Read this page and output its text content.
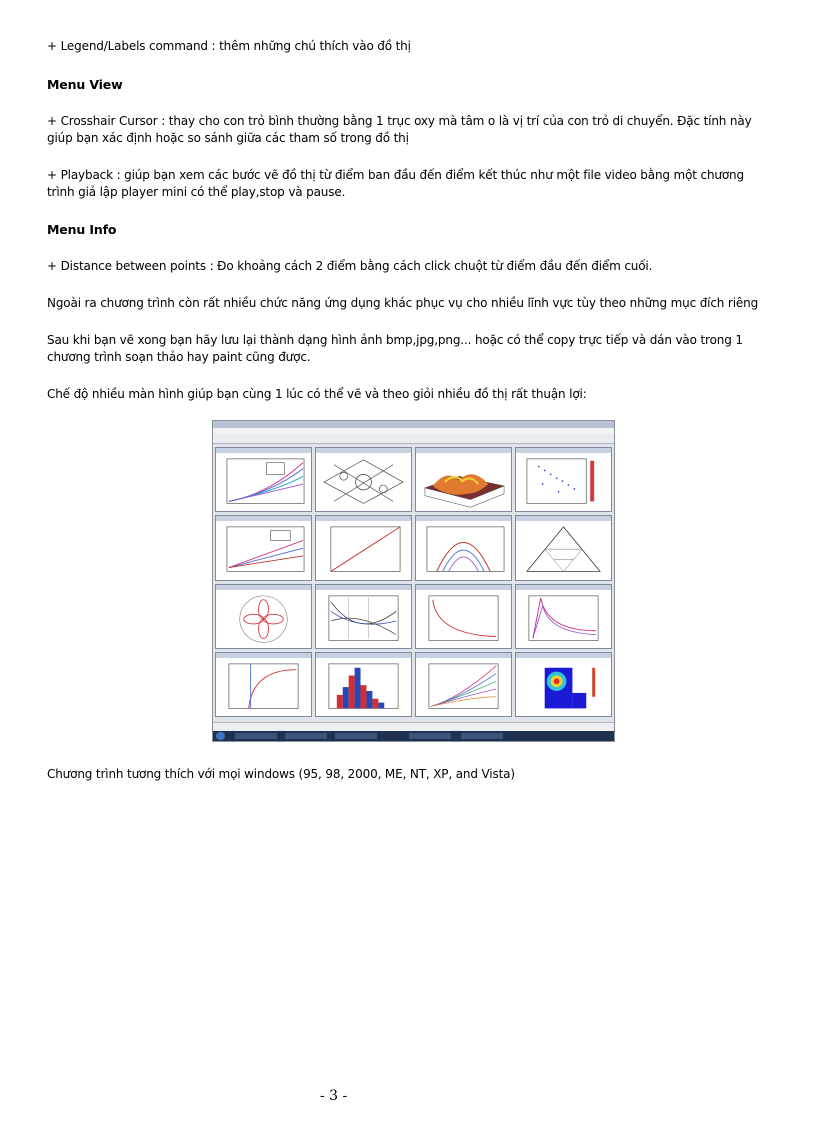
+ Legend/Labels command : thêm những chú thích vào đồ thị

Menu View

+ Crosshair Cursor : thay cho con trỏ bình thường bằng 1 trục oxy mà tâm o là vị trí của con trỏ di chuyển. Đặc tính này giúp bạn xác định hoặc so sánh giữa các tham số trong đồ thị

+ Playback : giúp bạn xem các bước vẽ đồ thị từ điểm ban đầu đến điểm kết thúc như một file video bằng một chương trình giả lập player mini có thể play,stop và pause.

Menu Info

+ Distance between points : Đo khoảng cách 2 điểm bằng cách click chuột từ điểm đầu đến điểm cuối.

Ngoài ra chương trình còn rất nhiều chức năng ứng dụng khác phục vụ cho nhiều lĩnh vực tùy theo những mục đích riêng

Sau khi bạn vẽ xong bạn hãy lưu lại thành dạng hình ảnh bmp,jpg,png... hoặc có thể copy trực tiếp và dán vào trong 1 chương trình soạn thảo hay paint cũng được.

Chế độ nhiều màn hình giúp bạn cùng 1 lúc có thể vẽ và theo giỏi nhiều đồ thị rất thuận lợi:

Chương trình tương thích với mọi windows (95, 98, 2000, ME, NT, XP, and Vista)

- 3 -
